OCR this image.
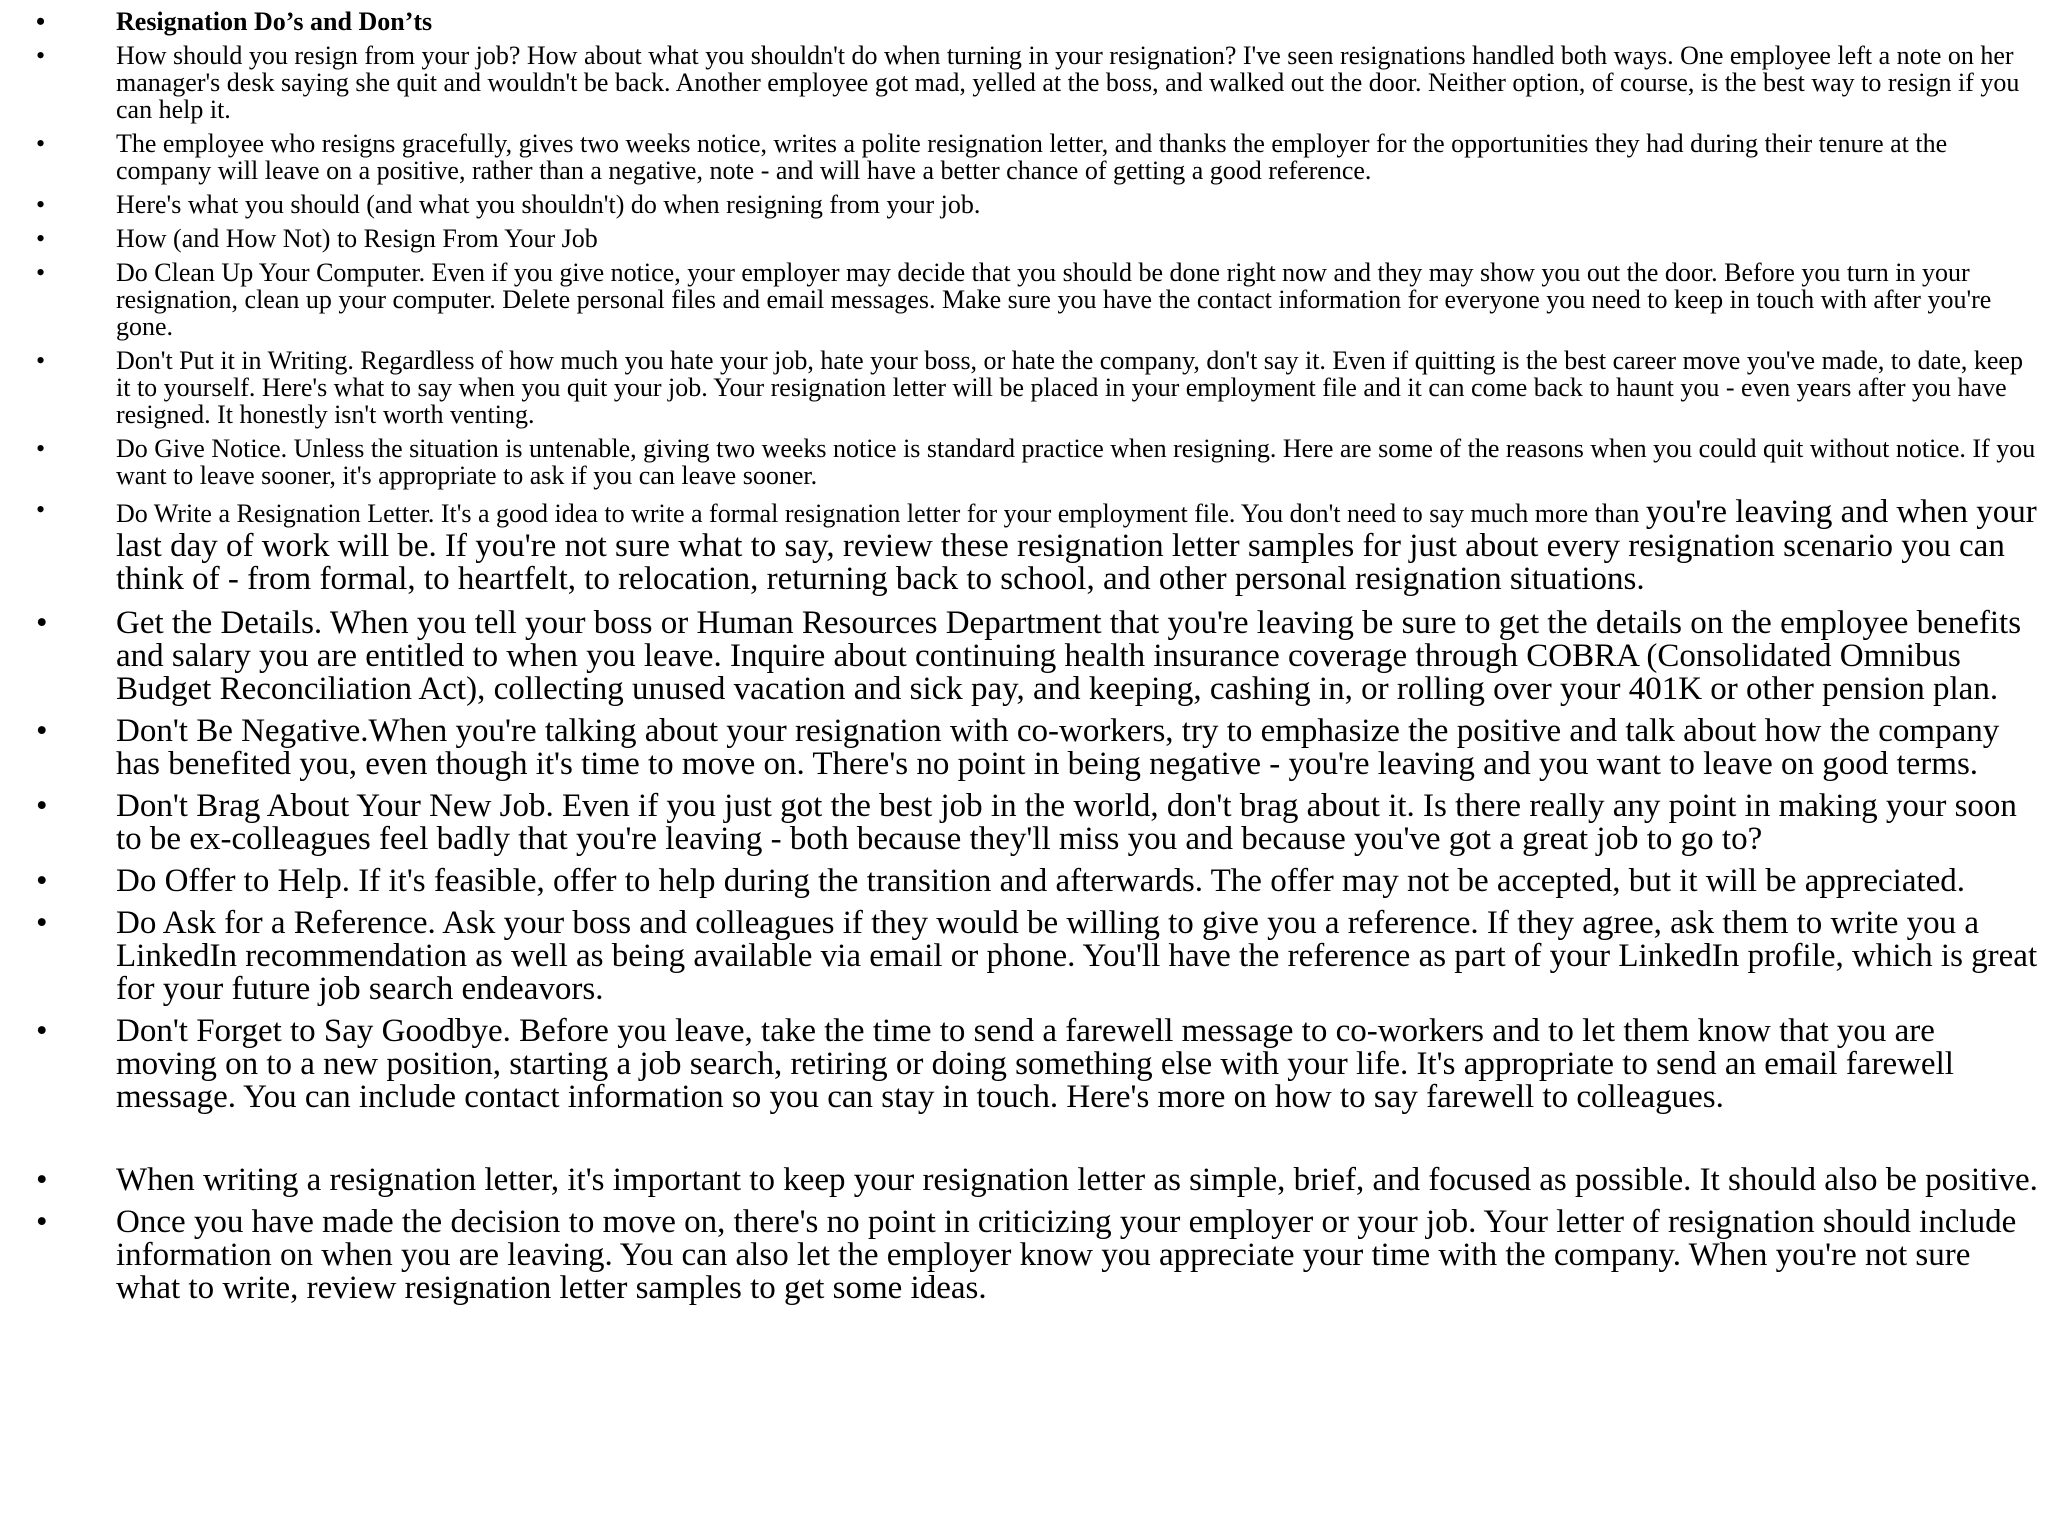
•	Resignation Do’s and Don’ts
•	How should you resign from your job? How about what you shouldn't do when turning in your resignation? I've seen resignations handled both ways. One employee left a note on her manager's desk saying she quit and wouldn't be back. Another employee got mad, yelled at the boss, and walked out the door. Neither option, of course, is the best way to resign if you can help it.
•	The employee who resigns gracefully, gives two weeks notice, writes a polite resignation letter, and thanks the employer for the opportunities they had during their tenure at the company will leave on a positive, rather than a negative, note - and will have a better chance of getting a good reference.
•	Here's what you should (and what you shouldn't) do when resigning from your job.
•	How (and How Not) to Resign From Your Job
•	Do Clean Up Your Computer. Even if you give notice, your employer may decide that you should be done right now and they may show you out the door. Before you turn in your resignation, clean up your computer. Delete personal files and email messages. Make sure you have the contact information for everyone you need to keep in touch with after you're gone.
•	Don't Put it in Writing. Regardless of how much you hate your job, hate your boss, or hate the company, don't say it. Even if quitting is the best career move you've made, to date, keep it to yourself. Here's what to say when you quit your job. Your resignation letter will be placed in your employment file and it can come back to haunt you - even years after you have resigned. It honestly isn't worth venting.
•	Do Give Notice. Unless the situation is untenable, giving two weeks notice is standard practice when resigning. Here are some of the reasons when you could quit without notice. If you want to leave sooner, it's appropriate to ask if you can leave sooner.
•	Do Write a Resignation Letter. It's a good idea to write a formal resignation letter for your employment file. You don't need to say much more than you're leaving and when your last day of work will be. If you're not sure what to say, review these resignation letter samples for just about every resignation scenario you can think of - from formal, to heartfelt, to relocation, returning back to school, and other personal resignation situations.
• Get the Details. When you tell your boss or Human Resources Department that you're leaving be sure to get the details on the employee benefits and salary you are entitled to when you leave. Inquire about continuing health insurance coverage through COBRA (Consolidated Omnibus Budget Reconciliation Act), collecting unused vacation and sick pay, and keeping, cashing in, or rolling over your 401K or other pension plan.
• Don't Be Negative.When you're talking about your resignation with co-workers, try to emphasize the positive and talk about how the company has benefited you, even though it's time to move on. There's no point in being negative - you're leaving and you want to leave on good terms.
• Don't Brag About Your New Job. Even if you just got the best job in the world, don't brag about it. Is there really any point in making your soon to be ex-colleagues feel badly that you're leaving - both because they'll miss you and because you've got a great job to go to?
• Do Offer to Help. If it's feasible, offer to help during the transition and afterwards. The offer may not be accepted, but it will be appreciated.
• Do Ask for a Reference. Ask your boss and colleagues if they would be willing to give you a reference. If they agree, ask them to write you a LinkedIn recommendation as well as being available via email or phone. You'll have the reference as part of your LinkedIn profile, which is great for your future job search endeavors.
• Don't Forget to Say Goodbye. Before you leave, take the time to send a farewell message to co-workers and to let them know that you are moving on to a new position, starting a job search, retiring or doing something else with your life. It's appropriate to send an email farewell message. You can include contact information so you can stay in touch. Here's more on how to say farewell to colleagues.
• When writing a resignation letter, it's important to keep your resignation letter as simple, brief, and focused as possible. It should also be positive.
• Once you have made the decision to move on, there's no point in criticizing your employer or your job. Your letter of resignation should include information on when you are leaving. You can also let the employer know you appreciate your time with the company. When you're not sure what to write, review resignation letter samples to get some ideas.
